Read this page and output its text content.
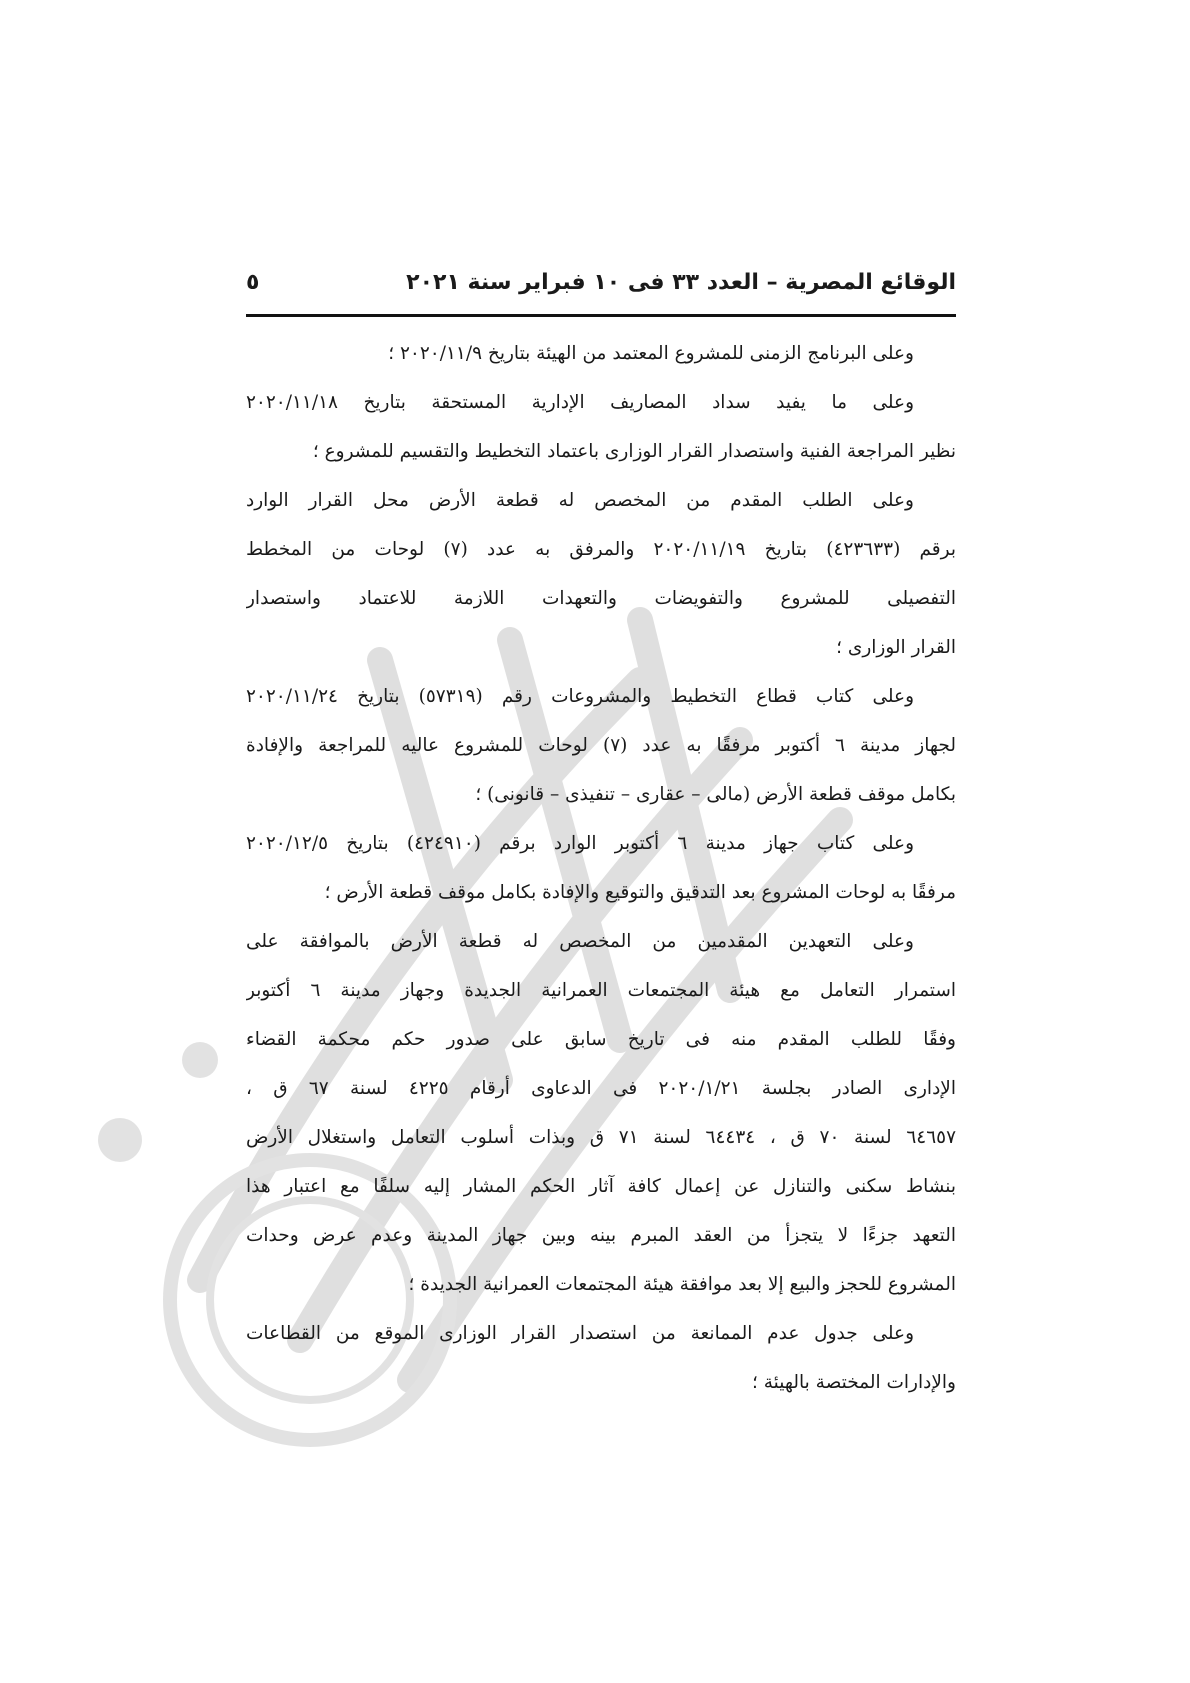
الوقائع المصرية – العدد ٣٣ فى ١٠ فبراير سنة ٢٠٢١
٥
وعلى البرنامج الزمنى للمشروع المعتمد من الهيئة بتاريخ ٢٠٢٠/١١/٩ ؛
وعلى ما يفيد سداد المصاريف الإدارية المستحقة بتاريخ ٢٠٢٠/١١/١٨
نظير المراجعة الفنية واستصدار القرار الوزارى باعتماد التخطيط والتقسيم للمشروع ؛
وعلى الطلب المقدم من المخصص له قطعة الأرض محل القرار الوارد
برقم (٤٢٣٦٣٣) بتاريخ ٢٠٢٠/١١/١٩ والمرفق به عدد (٧) لوحات من المخطط
التفصيلى للمشروع والتفويضات والتعهدات اللازمة للاعتماد واستصدار
القرار الوزارى ؛
وعلى كتاب قطاع التخطيط والمشروعات رقم (٥٧٣١٩) بتاريخ ٢٠٢٠/١١/٢٤
لجهاز مدينة ٦ أكتوبر مرفقًا به عدد (٧) لوحات للمشروع عاليه للمراجعة والإفادة
بكامل موقف قطعة الأرض (مالى – عقارى – تنفيذى – قانونى) ؛
وعلى كتاب جهاز مدينة ٦ أكتوبر الوارد برقم (٤٢٤٩١٠) بتاريخ ٢٠٢٠/١٢/٥
مرفقًا به لوحات المشروع بعد التدقيق والتوقيع والإفادة بكامل موقف قطعة الأرض ؛
وعلى التعهدين المقدمين من المخصص له قطعة الأرض بالموافقة على
استمرار التعامل مع هيئة المجتمعات العمرانية الجديدة وجهاز مدينة ٦ أكتوبر
وفقًا للطلب المقدم منه فى تاريخ سابق على صدور حكم محكمة القضاء
الإدارى الصادر بجلسة ٢٠٢٠/١/٢١ فى الدعاوى أرقام ٤٢٢٥ لسنة ٦٧ ق ،
٦٤٦٥٧ لسنة ٧٠ ق ، ٦٤٤٣٤ لسنة ٧١ ق وبذات أسلوب التعامل واستغلال الأرض
بنشاط سكنى والتنازل عن إعمال كافة آثار الحكم المشار إليه سلفًا مع اعتبار هذا
التعهد جزءًا لا يتجزأ من العقد المبرم بينه وبين جهاز المدينة وعدم عرض وحدات
المشروع للحجز والبيع إلا بعد موافقة هيئة المجتمعات العمرانية الجديدة ؛
وعلى جدول عدم الممانعة من استصدار القرار الوزارى الموقع من القطاعات
والإدارات المختصة بالهيئة ؛
